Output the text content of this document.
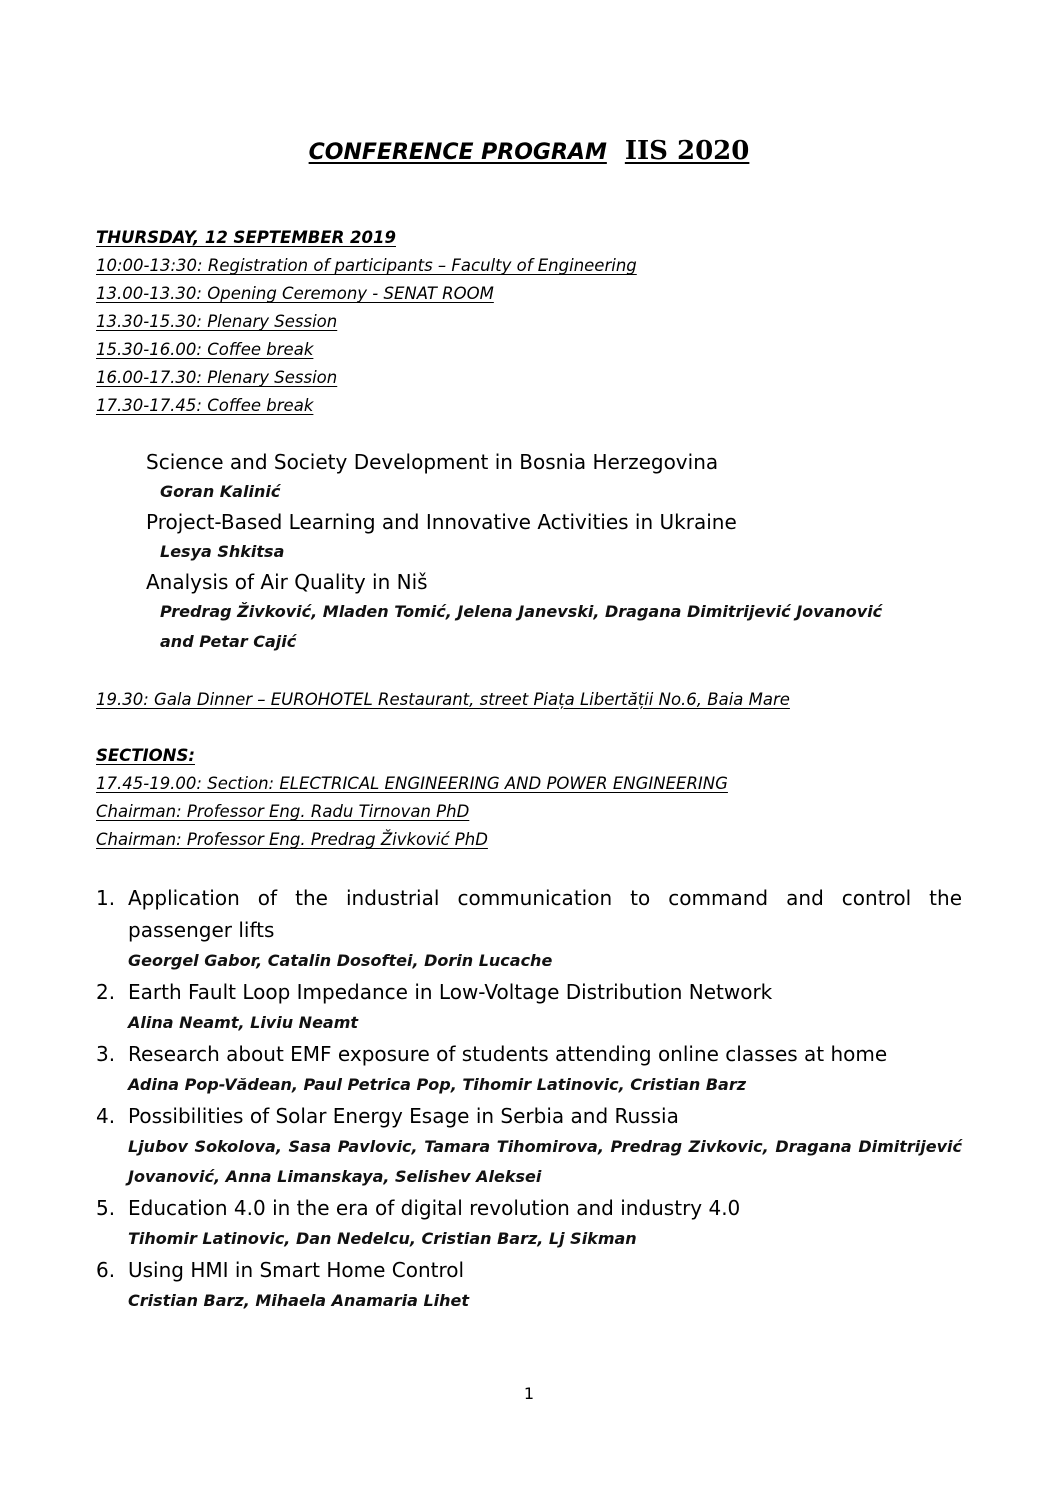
CONFERENCE PROGRAM IIS 2020
THURSDAY, 12 SEPTEMBER 2019
10:00-13:30: Registration of participants – Faculty of Engineering
13.00-13.30: Opening Ceremony - SENAT ROOM
13.30-15.30: Plenary Session
15.30-16.00: Coffee break
16.00-17.30: Plenary Session
17.30-17.45: Coffee break
Science and Society Development in Bosnia Herzegovina
Goran Kalinić
Project-Based Learning and Innovative Activities in Ukraine
Lesya Shkitsa
Analysis of Air Quality in Niš
Predrag Živković, Mladen Tomić, Jelena Janevski, Dragana Dimitrijević Jovanović
and Petar Cajić
19.30: Gala Dinner – EUROHOTEL Restaurant, street Piața Libertății No.6, Baia Mare
SECTIONS:
17.45-19.00: Section: ELECTRICAL ENGINEERING AND POWER ENGINEERING
Chairman: Professor Eng. Radu Tirnovan PhD
Chairman: Professor Eng. Predrag Živković PhD
1. Application of the industrial communication to command and control the passenger lifts
Georgel Gabor, Catalin Dosoftei, Dorin Lucache
2. Earth Fault Loop Impedance in Low-Voltage Distribution Network
Alina Neamt, Liviu Neamt
3. Research about EMF exposure of students attending online classes at home
Adina Pop-Vădean, Paul Petrica Pop, Tihomir Latinovic, Cristian Barz
4. Possibilities of Solar Energy Esage in Serbia and Russia
Ljubov Sokolova, Sasa Pavlovic, Tamara Tihomirova, Predrag Zivkovic, Dragana Dimitrijević Jovanović, Anna Limanskaya, Selishev Aleksei
5. Education 4.0 in the era of digital revolution and industry 4.0
Tihomir Latinovic, Dan Nedelcu, Cristian Barz, Lj Sikman
6. Using HMI in Smart Home Control
Cristian Barz, Mihaela Anamaria Lihet
1
